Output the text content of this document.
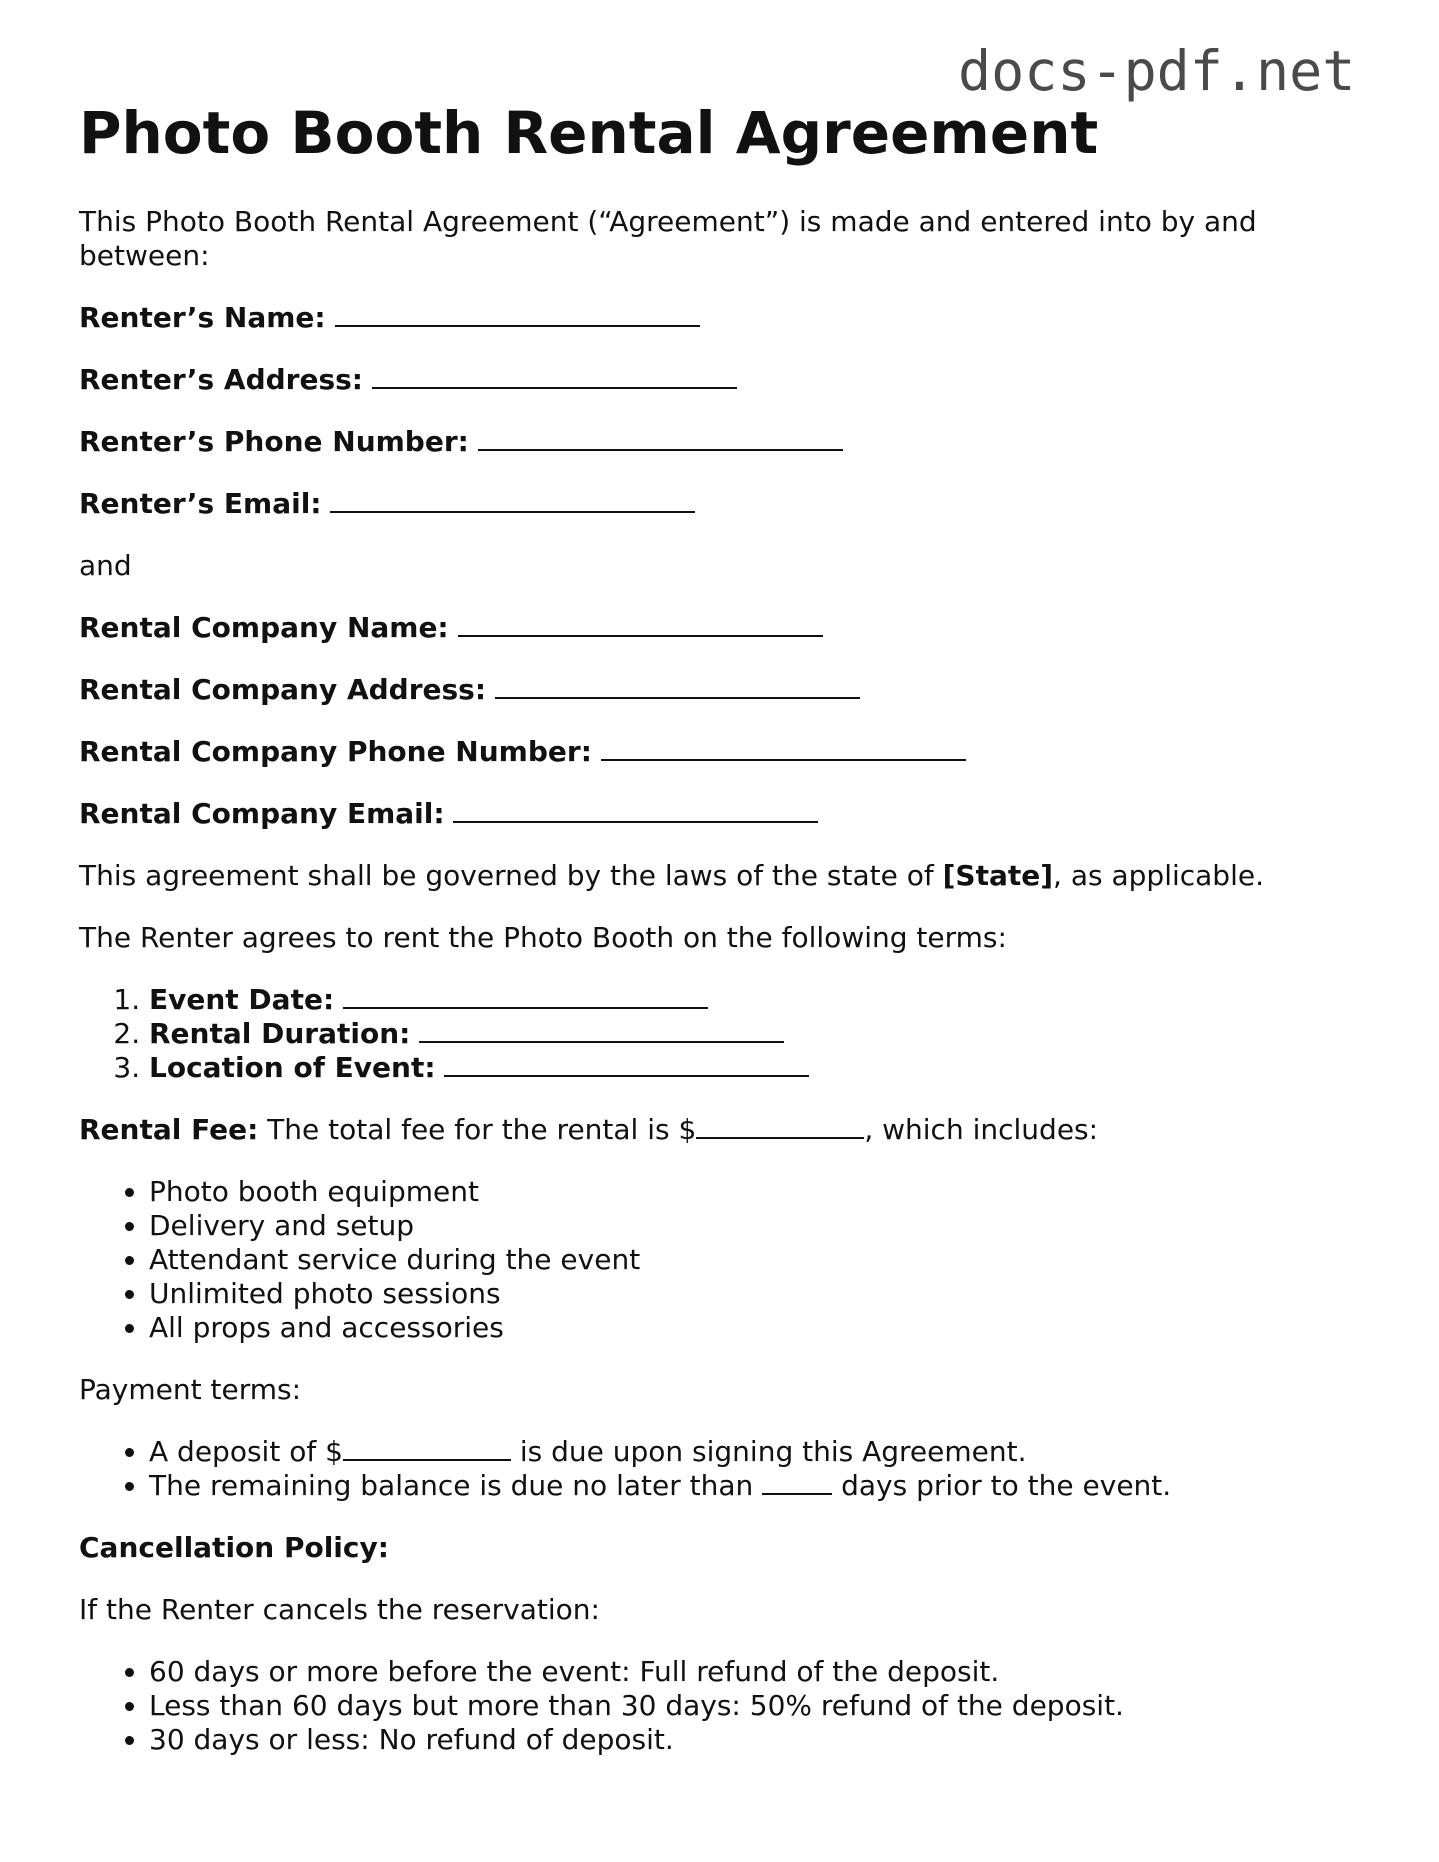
docs-pdf.net
Photo Booth Rental Agreement

This Photo Booth Rental Agreement (“Agreement”) is made and entered into by and between:

Renter’s Name:

Renter’s Address:

Renter’s Phone Number:

Renter’s Email:

and

Rental Company Name:

Rental Company Address:

Rental Company Phone Number:

Rental Company Email:

This agreement shall be governed by the laws of the state of [State], as applicable.

The Renter agrees to rent the Photo Booth on the following terms:

1. Event Date:
2. Rental Duration:
3. Location of Event:

Rental Fee: The total fee for the rental is $	, which includes:

• Photo booth equipment
• Delivery and setup
• Attendant service during the event
• Unlimited photo sessions
• All props and accessories

Payment terms:

• A deposit of $	is due upon signing this Agreement.
• The remaining balance is due no later than	days prior to the event.

Cancellation Policy:

If the Renter cancels the reservation:

• 60 days or more before the event: Full refund of the deposit.
• Less than 60 days but more than 30 days: 50% refund of the deposit.
• 30 days or less: No refund of deposit.
